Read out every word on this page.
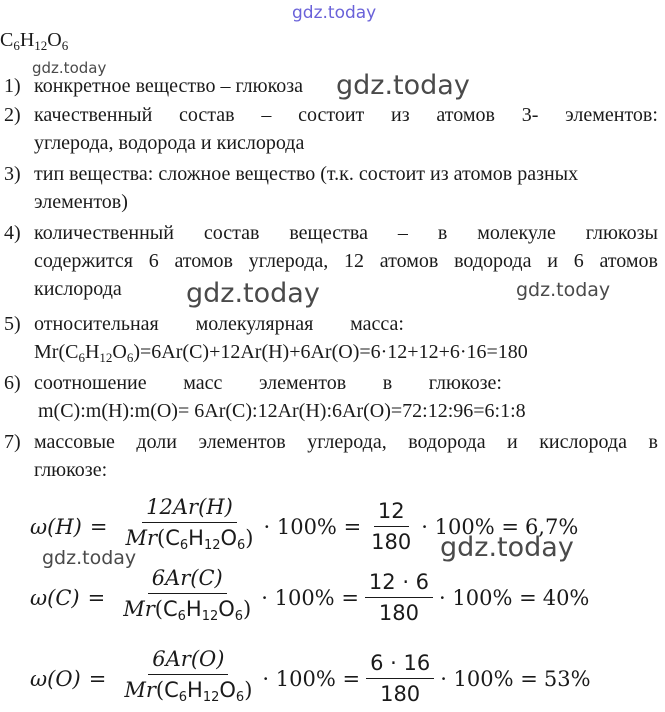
gdz.today
gdz.today
gdz.today
gdz.today	gdz.today
gdz.today	gdz.today
$C_6H_{12}O_6$
1) конкретное вещество – глюкоза
2) качественный состав – состоит из атомов 3- элементов:
углерода, водорода и кислорода
3) тип вещества: сложное вещество (т.к. состоит из атомов разных
элементов)
4) количественный состав вещества – в молекуле глюкозы
содержится 6 атомов углерода, 12 атомов водорода и 6 атомов
кислорода
5) относительная молекулярная масса:
$Mr(C_6H_{12}O_6)=6Ar(C)+12Ar(H)+6Ar(O)=6\cdot 12+12+6\cdot 16=180$
6) соотношение масс элементов в глюкозе:
m(C):m(H):m(O)= 6Ar(C):12Ar(H):6Ar(O)=72:12:96=6:1:8
7) массовые доли элементов углерода, водорода и кислорода в
глюкозе:
$\omega(H) = \frac{12Ar(H)}{Mr(C6H12O6)} \cdot 100\% = \frac{12}{180} \cdot 100\% = 6,7\%$
$\omega(C) = \frac{6Ar(C)}{Mr(C6H12O6)} \cdot 100\% = \frac{12 \cdot 6}{180} \cdot 100\% = 40\%$
$\omega(O) = \frac{6Ar(O)}{Mr(C6H12O6)} \cdot 100\% = \frac{6 \cdot 16}{180} \cdot 100\% = 53\%$
